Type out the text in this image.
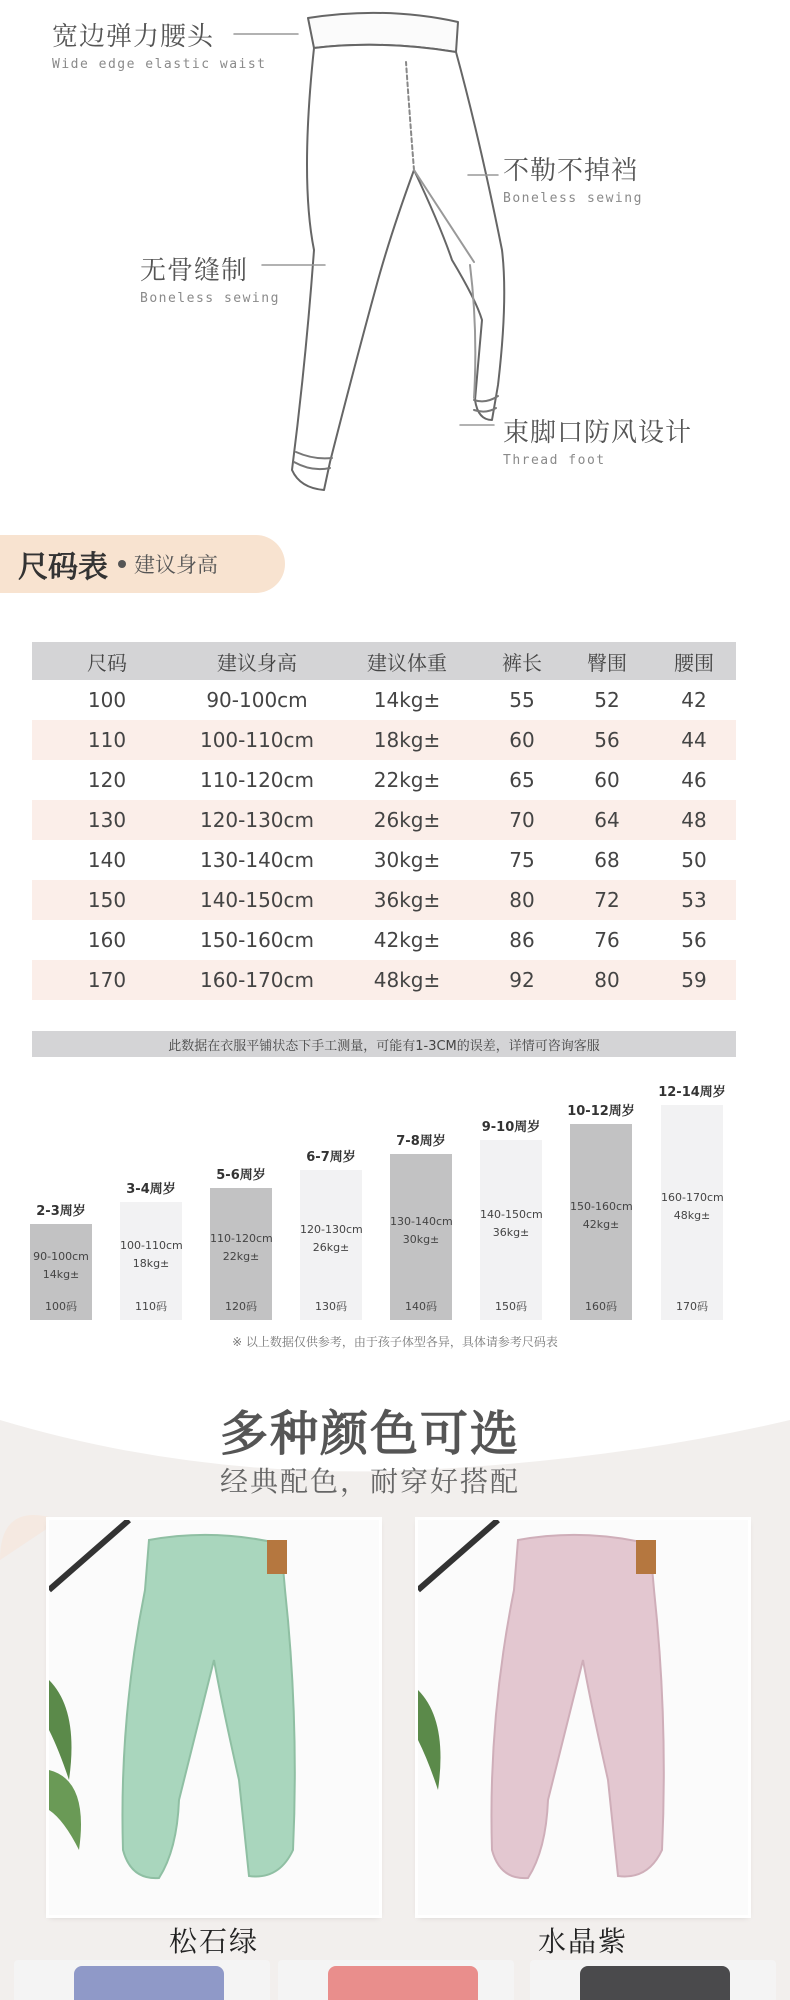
宽边弹力腰头
Wide edge elastic waist
不勒不掉裆
Boneless sewing
无骨缝制
Boneless sewing
束脚口防风设计
Thread foot
尺码表 建议身高
尺码	建议身高	建议体重	裤长	臀围	腰围
100	90-100cm	14kg±	55	52	42
110	100-110cm	18kg±	60	56	44
120	110-120cm	22kg±	65	60	46
130	120-130cm	26kg±	70	64	48
140	130-140cm	30kg±	75	68	50
150	140-150cm	36kg±	80	72	53
160	150-160cm	42kg±	86	76	56
170	160-170cm	48kg±	92	80	59
此数据在衣服平铺状态下手工测量，可能有1-3CM的误差，详情可咨询客服
2-3周岁
90-100cm
14kg±
100码
3-4周岁
100-110cm
18kg±
110码
5-6周岁
110-120cm
22kg±
120码
6-7周岁
120-130cm
26kg±
130码
7-8周岁
130-140cm
30kg±
140码
9-10周岁
140-150cm
36kg±
150码
10-12周岁
150-160cm
42kg±
160码
12-14周岁
160-170cm
48kg±
170码
※ 以上数据仅供参考，由于孩子体型各异，具体请参考尺码表
多种颜色可选
经典配色，耐穿好搭配
松石绿	水晶紫
